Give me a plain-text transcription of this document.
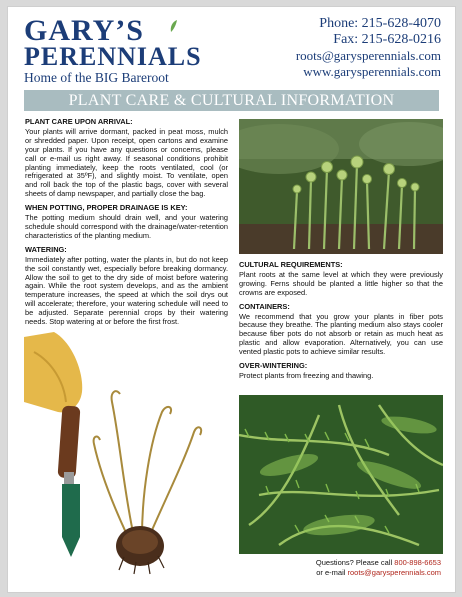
GARY’S
PERENNIALS
Home of the BIG Bareroot
Phone: 215-628-4070
Fax: 215-628-0216
roots@garysperennials.com
www.garysperennials.com
PLANT CARE & CULTURAL INFORMATION
PLANT CARE UPON ARRIVAL:

Your plants will arrive dormant, packed in peat moss, mulch or shredded paper. Upon receipt, open cartons and examine your plants. If you have any questions or concerns, please call or e-mail us right away. If seasonal conditions prohibit planting immediately, keep the roots ventilated, cool (or refrigerated at 35ºF), and slightly moist. To ventilate, open and roll back the top of the plastic bags, cover with several sheets of damp newspaper, and partially close the bag.

WHEN POTTING, PROPER DRAINAGE IS KEY:

The potting medium should drain well, and your watering schedule should correspond with the drainage/water-retention characteristics of the planting medium.

WATERING:

Immediately after potting, water the plants in, but do not keep the soil constantly wet, especially before breaking dormancy. Allow the soil to get to the dry side of moist before watering again. While the root system develops, and as the ambient temperature increases, the speed at which the soil drys out will accelerate; therefore, your watering schedule will need to be adjusted. Separate perennial crops by their watering needs. Stop watering at or before the first frost.

CULTURAL REQUIREMENTS:

Plant roots at the same level at which they were previously growing. Ferns should be planted a little higher so that the crowns are exposed.

CONTAINERS:

We recommend that you grow your plants in fiber pots because they breathe. The planting medium also stays cooler because fiber pots do not absorb or retain as much heat as plastic and allow evaporation. Alternatively, you can use vented plastic pots to achieve similar results.

OVER-WINTERING:

Protect plants from freezing and thawing.

Questions? Please call 800-898-6653
or e-mail roots@garysperennials.com
